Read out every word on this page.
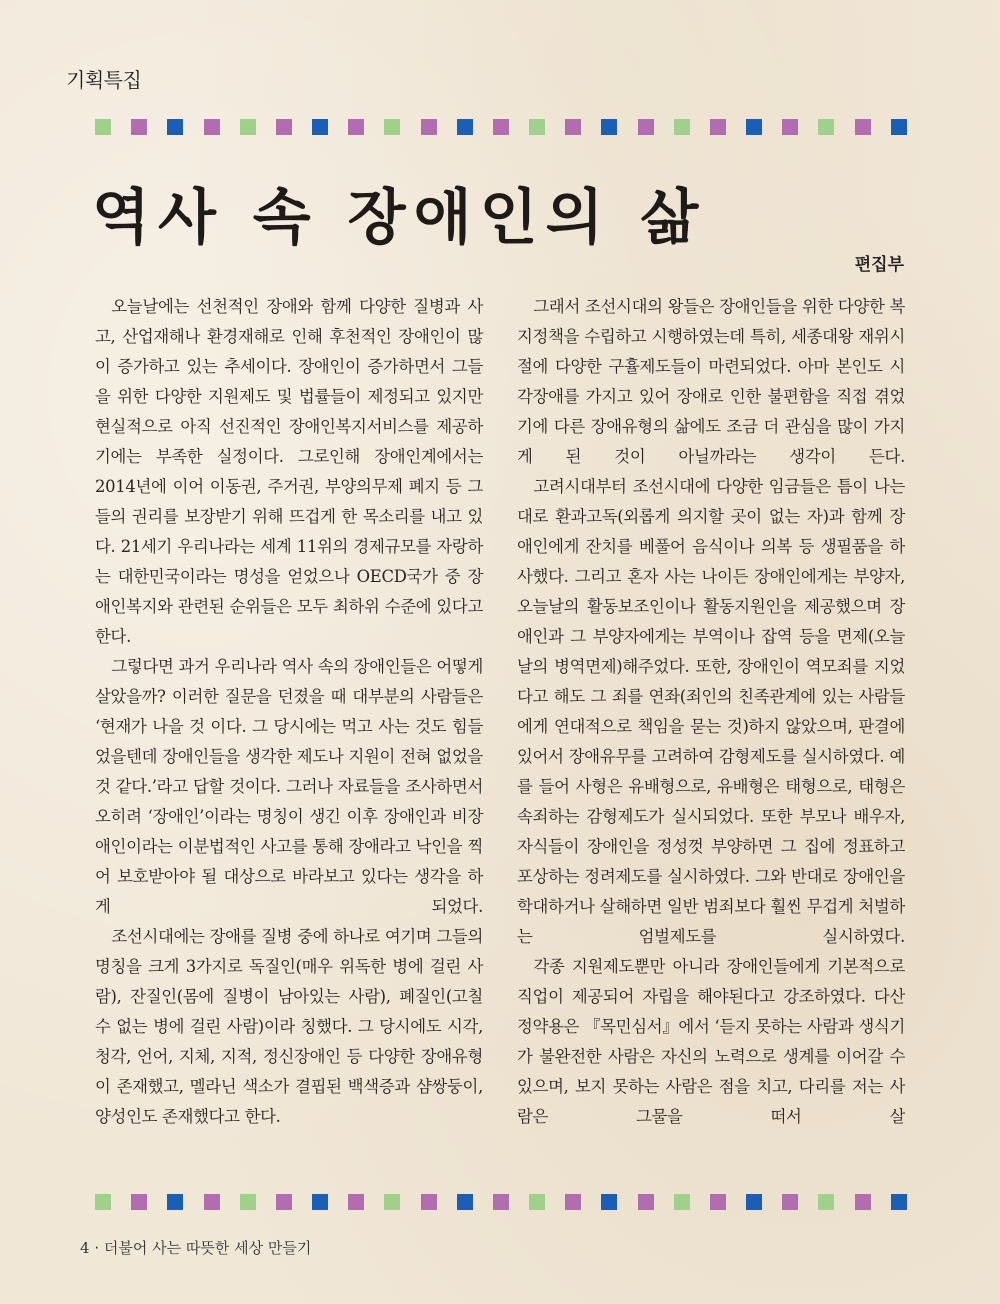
기획특집
역사 속 장애인의 삶
편집부

오늘날에는 선천적인 장애와 함께 다양한 질병과 사고, 산업재해나 환경재해로 인해 후천적인 장애인이 많이 증가하고 있는 추세이다. 장애인이 증가하면서 그들을 위한 다양한 지원제도 및 법률들이 제정되고 있지만 현실적으로 아직 선진적인 장애인복지서비스를 제공하기에는 부족한 실정이다. 그로인해 장애인계에서는 2014년에 이어 이동권, 주거권, 부양의무제 폐지 등 그들의 권리를 보장받기 위해 뜨겁게 한 목소리를 내고 있다. 21세기 우리나라는 세계 11위의 경제규모를 자랑하는 대한민국이라는 명성을 얻었으나 OECD국가 중 장애인복지와 관련된 순위들은 모두 최하위 수준에 있다고 한다.

그렇다면 과거 우리나라 역사 속의 장애인들은 어떻게 살았을까? 이러한 질문을 던졌을 때 대부분의 사람들은 ‘현재가 나을 것 이다. 그 당시에는 먹고 사는 것도 힘들었을텐데 장애인들을 생각한 제도나 지원이 전혀 없었을 것 같다.’라고 답할 것이다. 그러나 자료들을 조사하면서 오히려 ‘장애인’이라는 명칭이 생긴 이후 장애인과 비장애인이라는 이분법적인 사고를 통해 장애라고 낙인을 찍어 보호받아야 될 대상으로 바라보고 있다는 생각을 하게 되었다.

조선시대에는 장애를 질병 중에 하나로 여기며 그들의 명칭을 크게 3가지로 독질인(매우 위독한 병에 걸린 사람), 잔질인(몸에 질병이 남아있는 사람), 폐질인(고칠 수 없는 병에 걸린 사람)이라 칭했다. 그 당시에도 시각, 청각, 언어, 지체, 지적, 정신장애인 등 다양한 장애유형이 존재했고, 멜라닌 색소가 결핍된 백색증과 샴쌍둥이, 양성인도 존재했다고 한다.

그래서 조선시대의 왕들은 장애인들을 위한 다양한 복지정책을 수립하고 시행하였는데 특히, 세종대왕 재위시절에 다양한 구휼제도들이 마련되었다. 아마 본인도 시각장애를 가지고 있어 장애로 인한 불편함을 직접 겪었기에 다른 장애유형의 삶에도 조금 더 관심을 많이 가지게 된 것이 아닐까라는 생각이 든다.

고려시대부터 조선시대에 다양한 임금들은 틈이 나는대로 환과고독(외롭게 의지할 곳이 없는 자)과 함께 장애인에게 잔치를 베풀어 음식이나 의복 등 생필품을 하사했다. 그리고 혼자 사는 나이든 장애인에게는 부양자, 오늘날의 활동보조인이나 활동지원인을 제공했으며 장애인과 그 부양자에게는 부역이나 잡역 등을 면제(오늘날의 병역면제)해주었다. 또한, 장애인이 역모죄를 지었다고 해도 그 죄를 연좌(죄인의 친족관계에 있는 사람들에게 연대적으로 책임을 묻는 것)하지 않았으며, 판결에 있어서 장애유무를 고려하여 감형제도를 실시하였다. 예를 들어 사형은 유배형으로, 유배형은 태형으로, 태형은 속죄하는 감형제도가 실시되었다. 또한 부모나 배우자, 자식들이 장애인을 정성껏 부양하면 그 집에 정표하고 포상하는 정려제도를 실시하였다. 그와 반대로 장애인을 학대하거나 살해하면 일반 범죄보다 훨씬 무겁게 처벌하는 엄벌제도를 실시하였다.

각종 지원제도뿐만 아니라 장애인들에게 기본적으로 직업이 제공되어 자립을 해야된다고 강조하였다. 다산 정약용은 『목민심서』에서 ‘듣지 못하는 사람과 생식기가 불완전한 사람은 자신의 노력으로 생계를 이어갈 수 있으며, 보지 못하는 사람은 점을 치고, 다리를 저는 사람은 그물을 떠서 살

4 · 더불어 사는 따뜻한 세상 만들기
